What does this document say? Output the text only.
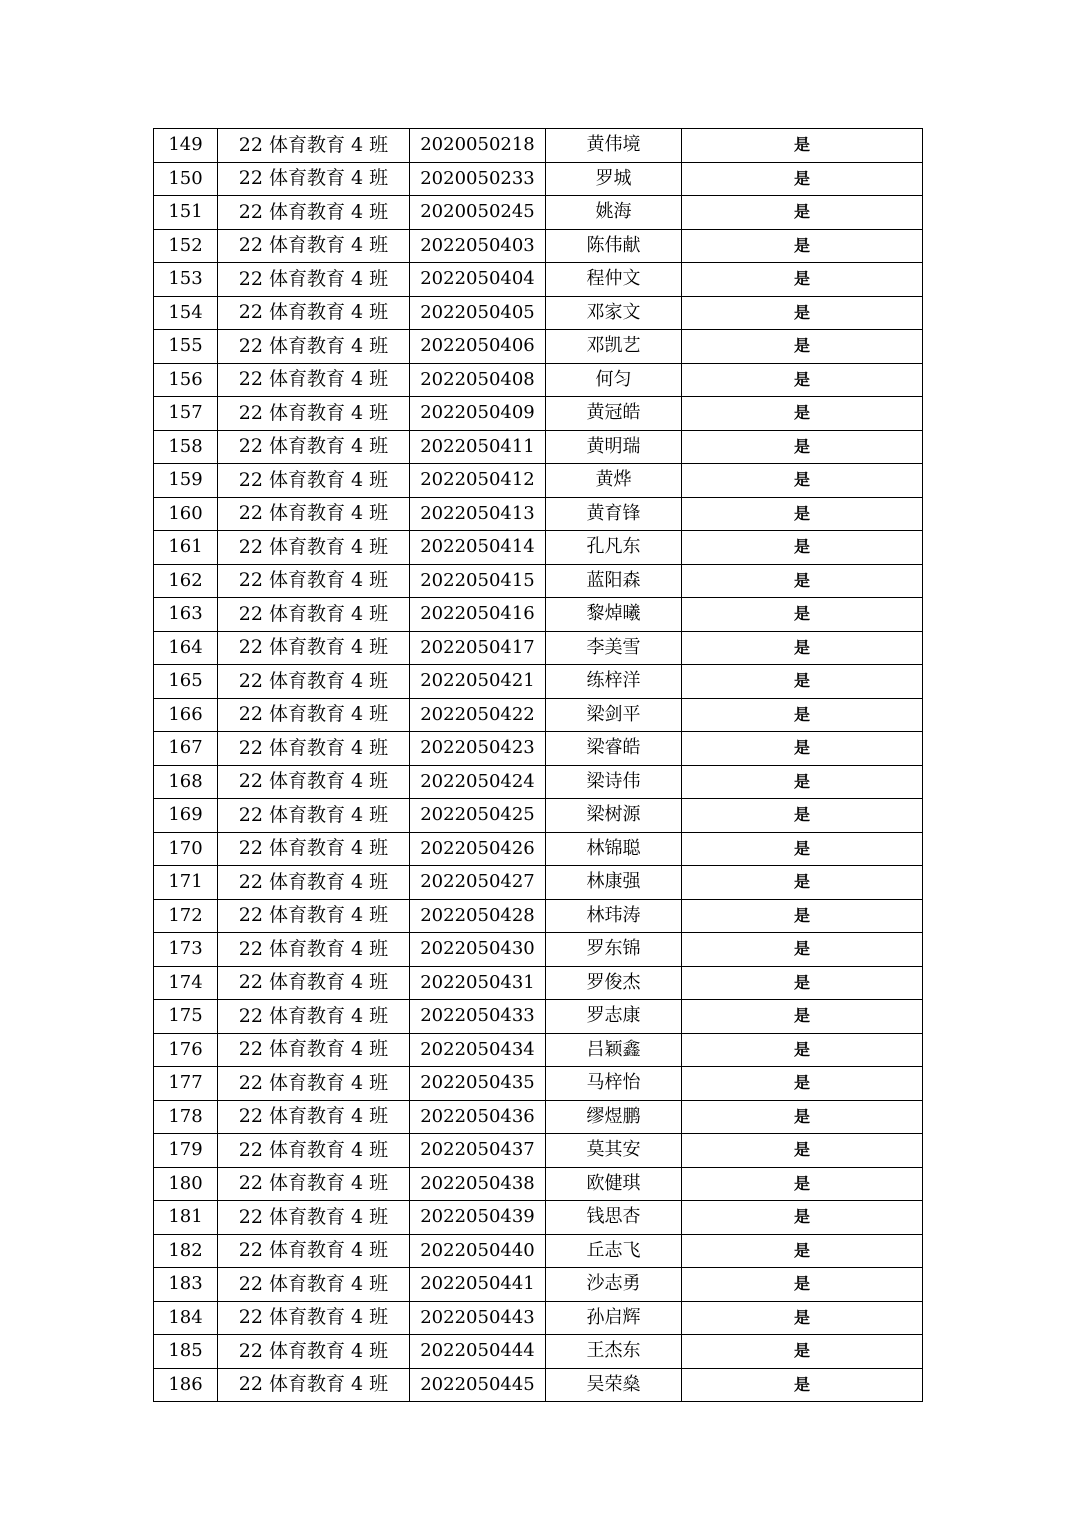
149	22 体育教育 4 班	2020050218	黄伟境	是
150	22 体育教育 4 班	2020050233	罗城	是
151	22 体育教育 4 班	2020050245	姚海	是
152	22 体育教育 4 班	2022050403	陈伟献	是
153	22 体育教育 4 班	2022050404	程仲文	是
154	22 体育教育 4 班	2022050405	邓家文	是
155	22 体育教育 4 班	2022050406	邓凯艺	是
156	22 体育教育 4 班	2022050408	何匀	是
157	22 体育教育 4 班	2022050409	黄冠皓	是
158	22 体育教育 4 班	2022050411	黄明瑞	是
159	22 体育教育 4 班	2022050412	黄烨	是
160	22 体育教育 4 班	2022050413	黄育锋	是
161	22 体育教育 4 班	2022050414	孔凡东	是
162	22 体育教育 4 班	2022050415	蓝阳森	是
163	22 体育教育 4 班	2022050416	黎焯曦	是
164	22 体育教育 4 班	2022050417	李美雪	是
165	22 体育教育 4 班	2022050421	练梓洋	是
166	22 体育教育 4 班	2022050422	梁剑平	是
167	22 体育教育 4 班	2022050423	梁睿皓	是
168	22 体育教育 4 班	2022050424	梁诗伟	是
169	22 体育教育 4 班	2022050425	梁树源	是
170	22 体育教育 4 班	2022050426	林锦聪	是
171	22 体育教育 4 班	2022050427	林康强	是
172	22 体育教育 4 班	2022050428	林玮涛	是
173	22 体育教育 4 班	2022050430	罗东锦	是
174	22 体育教育 4 班	2022050431	罗俊杰	是
175	22 体育教育 4 班	2022050433	罗志康	是
176	22 体育教育 4 班	2022050434	吕颖鑫	是
177	22 体育教育 4 班	2022050435	马梓怡	是
178	22 体育教育 4 班	2022050436	缪煜鹏	是
179	22 体育教育 4 班	2022050437	莫其安	是
180	22 体育教育 4 班	2022050438	欧健琪	是
181	22 体育教育 4 班	2022050439	钱思杏	是
182	22 体育教育 4 班	2022050440	丘志飞	是
183	22 体育教育 4 班	2022050441	沙志勇	是
184	22 体育教育 4 班	2022050443	孙启辉	是
185	22 体育教育 4 班	2022050444	王杰东	是
186	22 体育教育 4 班	2022050445	吴荣燊	是
